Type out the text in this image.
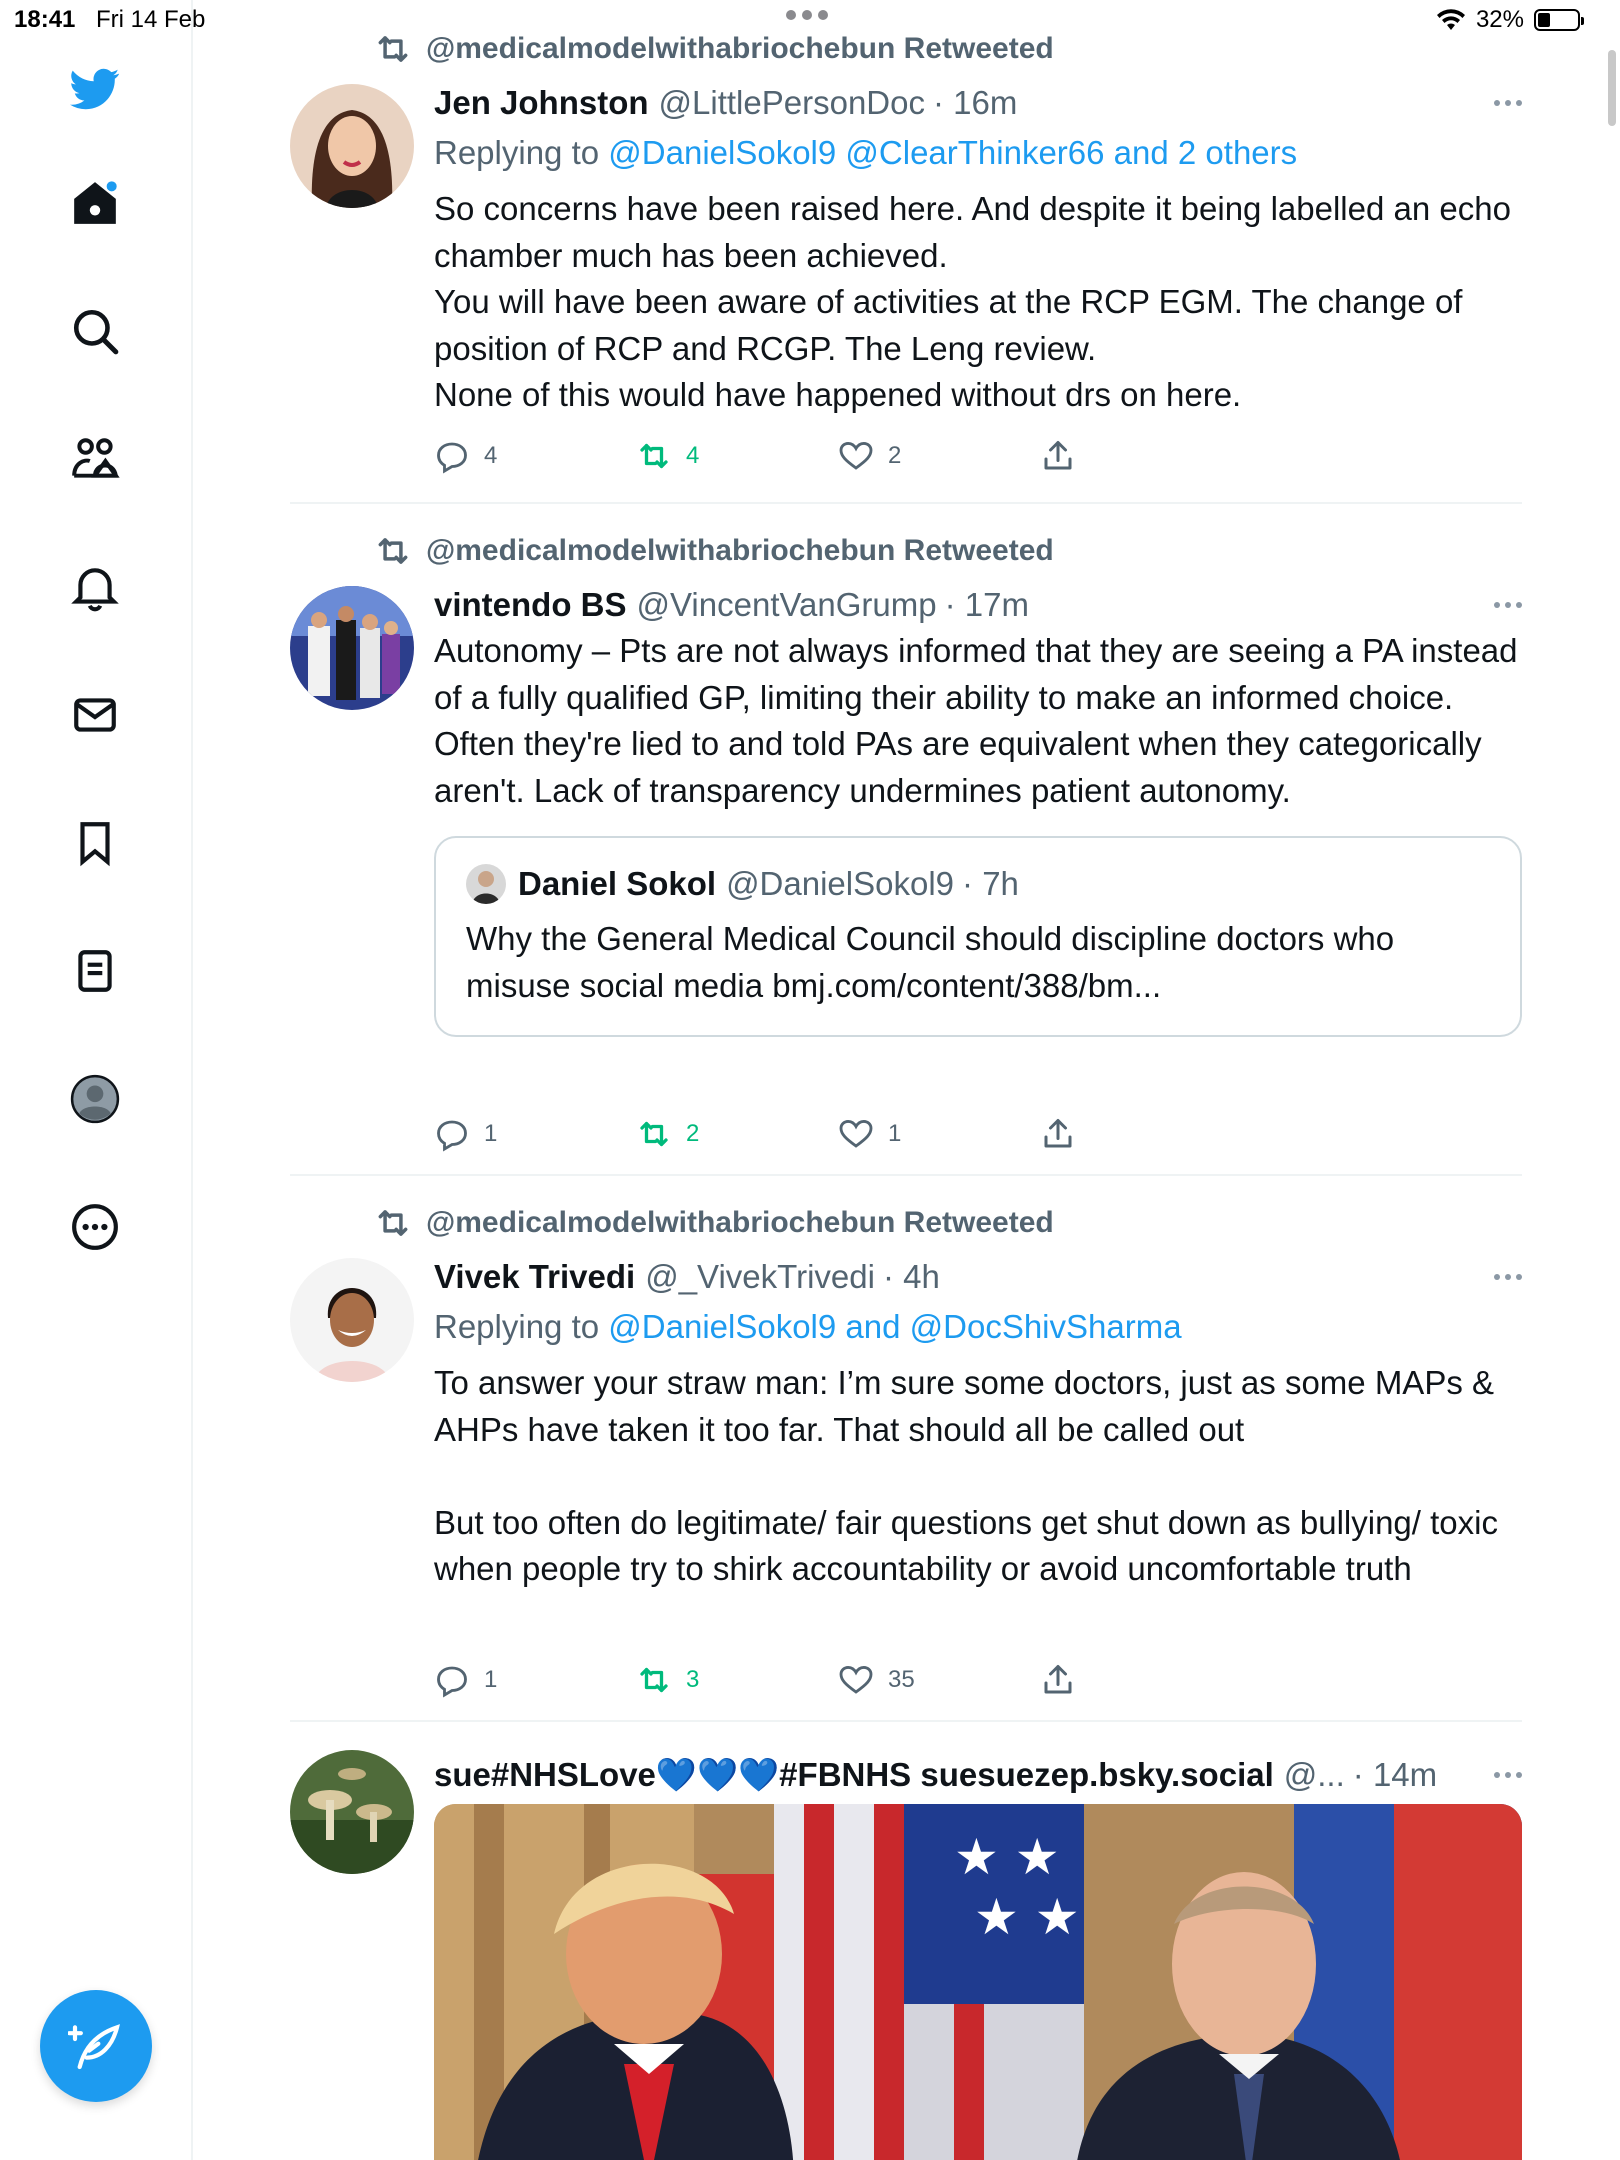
18:41 Fri 14 Feb	32%
@medicalmodelwithabriochebun Retweeted
Jen Johnston @LittlePersonDoc · 16m
Replying to @DanielSokol9 @ClearThinker66 and 2 others
So concerns have been raised here. And despite it being labelled an echo chamber much has been achieved.
You will have been aware of activities at the RCP EGM. The change of position of RCP and RCGP. The Leng review.
None of this would have happened without drs on here.
4	4	2
@medicalmodelwithabriochebun Retweeted
vintendo BS @VincentVanGrump · 17m
Autonomy – Pts are not always informed that they are seeing a PA instead of a fully qualified GP, limiting their ability to make an informed choice. Often they're lied to and told PAs are equivalent when they categorically aren't. Lack of transparency undermines patient autonomy.
Daniel Sokol @DanielSokol9 · 7h
Why the General Medical Council should discipline doctors who misuse social media bmj.com/content/388/bm...
1	2	1
@medicalmodelwithabriochebun Retweeted
Vivek Trivedi @_VivekTrivedi · 4h
Replying to @DanielSokol9 and @DocShivSharma
To answer your straw man: I’m sure some doctors, just as some MAPs & AHPs have taken it too far. That should all be called out

But too often do legitimate/ fair questions get shut down as bullying/ toxic when people try to shirk accountability or avoid uncomfortable truth
1	3	35
sue#NHSLove💙💙💙#FBNHS suesuezep.bsky.social @... · 14m
★ ★
★ ★
